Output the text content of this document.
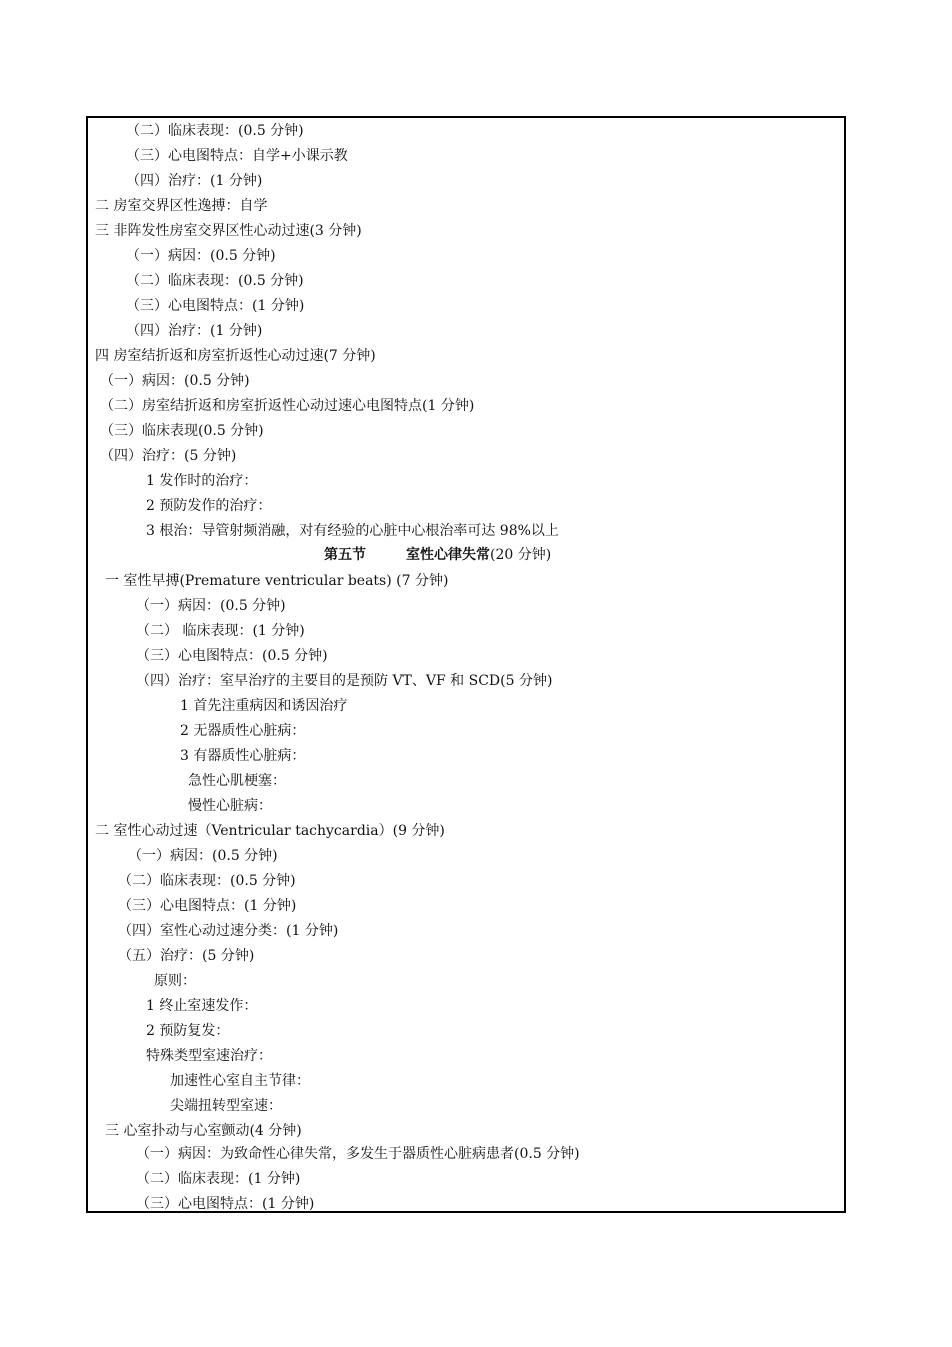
（二）临床表现：(0.5 分钟)
（三）心电图特点：自学+小课示教
（四）治疗：(1 分钟)
二 房室交界区性逸搏：自学
三 非阵发性房室交界区性心动过速(3 分钟)
（一）病因：(0.5 分钟)
（二）临床表现：(0.5 分钟)
（三）心电图特点：(1 分钟)
（四）治疗：(1 分钟)
四 房室结折返和房室折返性心动过速(7 分钟)
（一）病因：(0.5 分钟)
（二）房室结折返和房室折返性心动过速心电图特点(1 分钟)
（三）临床表现(0.5 分钟)
（四）治疗：(5 分钟)
1 发作时的治疗：
2 预防发作的治疗：
3 根治：导管射频消融，对有经验的心脏中心根治率可达 98%以上
第五节	室性心律失常(20 分钟)
一 室性早搏(Premature ventricular beats) (7 分钟)
（一）病因：(0.5 分钟)
（二） 临床表现：(1 分钟)
（三）心电图特点：(0.5 分钟)
（四）治疗：室早治疗的主要目的是预防 VT、VF 和 SCD(5 分钟)
1 首先注重病因和诱因治疗
2 无器质性心脏病：
3 有器质性心脏病：
急性心肌梗塞：
慢性心脏病：
二 室性心动过速（Ventricular tachycardia）(9 分钟)
（一）病因：(0.5 分钟)
（二）临床表现：(0.5 分钟)
（三）心电图特点：(1 分钟)
（四）室性心动过速分类：(1 分钟)
（五）治疗：(5 分钟)
原则：
1 终止室速发作：
2 预防复发：
特殊类型室速治疗：
加速性心室自主节律：
尖端扭转型室速：
三 心室扑动与心室颤动(4 分钟)
（一）病因：为致命性心律失常，多发生于器质性心脏病患者(0.5 分钟)
（二）临床表现：(1 分钟)
（三）心电图特点：(1 分钟)
